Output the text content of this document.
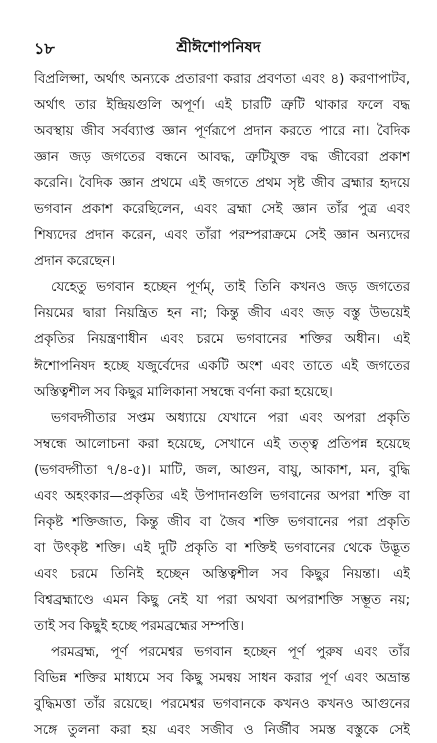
১৮	শ্রীঈশোপনিষদ
বিপ্রলিপ্সা, অর্থাৎ অন্যকে প্রতারণা করার প্রবণতা এবং ৪) করণাপাটব,
অর্থাৎ তার ইন্দ্রিয়গুলি অপূর্ণ। এই চারটি ত্রুটি থাকার ফলে বদ্ধ
অবস্থায় জীব সর্বব্যাপ্ত জ্ঞান পূর্ণরূপে প্রদান করতে পারে না। বৈদিক
জ্ঞান জড় জগতের বন্ধনে আবদ্ধ, ত্রুটিযুক্ত বদ্ধ জীবেরা প্রকাশ
করেনি। বৈদিক জ্ঞান প্রথমে এই জগতে প্রথম সৃষ্ট জীব ব্রহ্মার হৃদয়ে
ভগবান প্রকাশ করেছিলেন, এবং ব্রহ্মা সেই জ্ঞান তাঁর পুত্র এবং
শিষ্যদের প্রদান করেন, এবং তাঁরা পরম্পরাক্রমে সেই জ্ঞান অন্যদের
প্রদান করেছেন।
যেহেতু ভগবান হচ্ছেন পূর্ণম্, তাই তিনি কখনও জড় জগতের
নিয়মের দ্বারা নিয়ন্ত্রিত হন না; কিন্তু জীব এবং জড় বস্তু উভয়েই
প্রকৃতির নিয়ন্ত্রণাধীন এবং চরমে ভগবানের শক্তির অধীন। এই
ঈশোপনিষদ হচ্ছে যজুর্বেদের একটি অংশ এবং তাতে এই জগতের
অস্তিত্বশীল সব কিছুর মালিকানা সম্বন্ধে বর্ণনা করা হয়েছে।
ভগবদ্গীতার সপ্তম অধ্যায়ে যেখানে পরা এবং অপরা প্রকৃতি
সম্বন্ধে আলোচনা করা হয়েছে, সেখানে এই তত্ত্ব প্রতিপন্ন হয়েছে
(ভগবদ্গীতা ৭/৪-৫)। মাটি, জল, আগুন, বায়ু, আকাশ, মন, বুদ্ধি
এবং অহংকার—প্রকৃতির এই উপাদানগুলি ভগবানের অপরা শক্তি বা
নিকৃষ্ট শক্তিজাত, কিন্তু জীব বা জৈব শক্তি ভগবানের পরা প্রকৃতি
বা উৎকৃষ্ট শক্তি। এই দুটি প্রকৃতি বা শক্তিই ভগবানের থেকে উদ্ভূত
এবং চরমে তিনিই হচ্ছেন অস্তিত্বশীল সব কিছুর নিয়ন্তা। এই
বিশ্বব্রহ্মাণ্ডে এমন কিছু নেই যা পরা অথবা অপরাশক্তি সম্ভূত নয়;
তাই সব কিছুই হচ্ছে পরমব্রহ্মের সম্পত্তি।
পরমব্রহ্ম, পূর্ণ পরমেশ্বর ভগবান হচ্ছেন পূর্ণ পুরুষ এবং তাঁর
বিভিন্ন শক্তির মাধ্যমে সব কিছু সমন্বয় সাধন করার পূর্ণ এবং অভ্রান্ত
বুদ্ধিমত্তা তাঁর রয়েছে। পরমেশ্বর ভগবানকে কখনও কখনও আগুনের
সঙ্গে তুলনা করা হয় এবং সজীব ও নির্জীব সমস্ত বস্তুকে সেই
